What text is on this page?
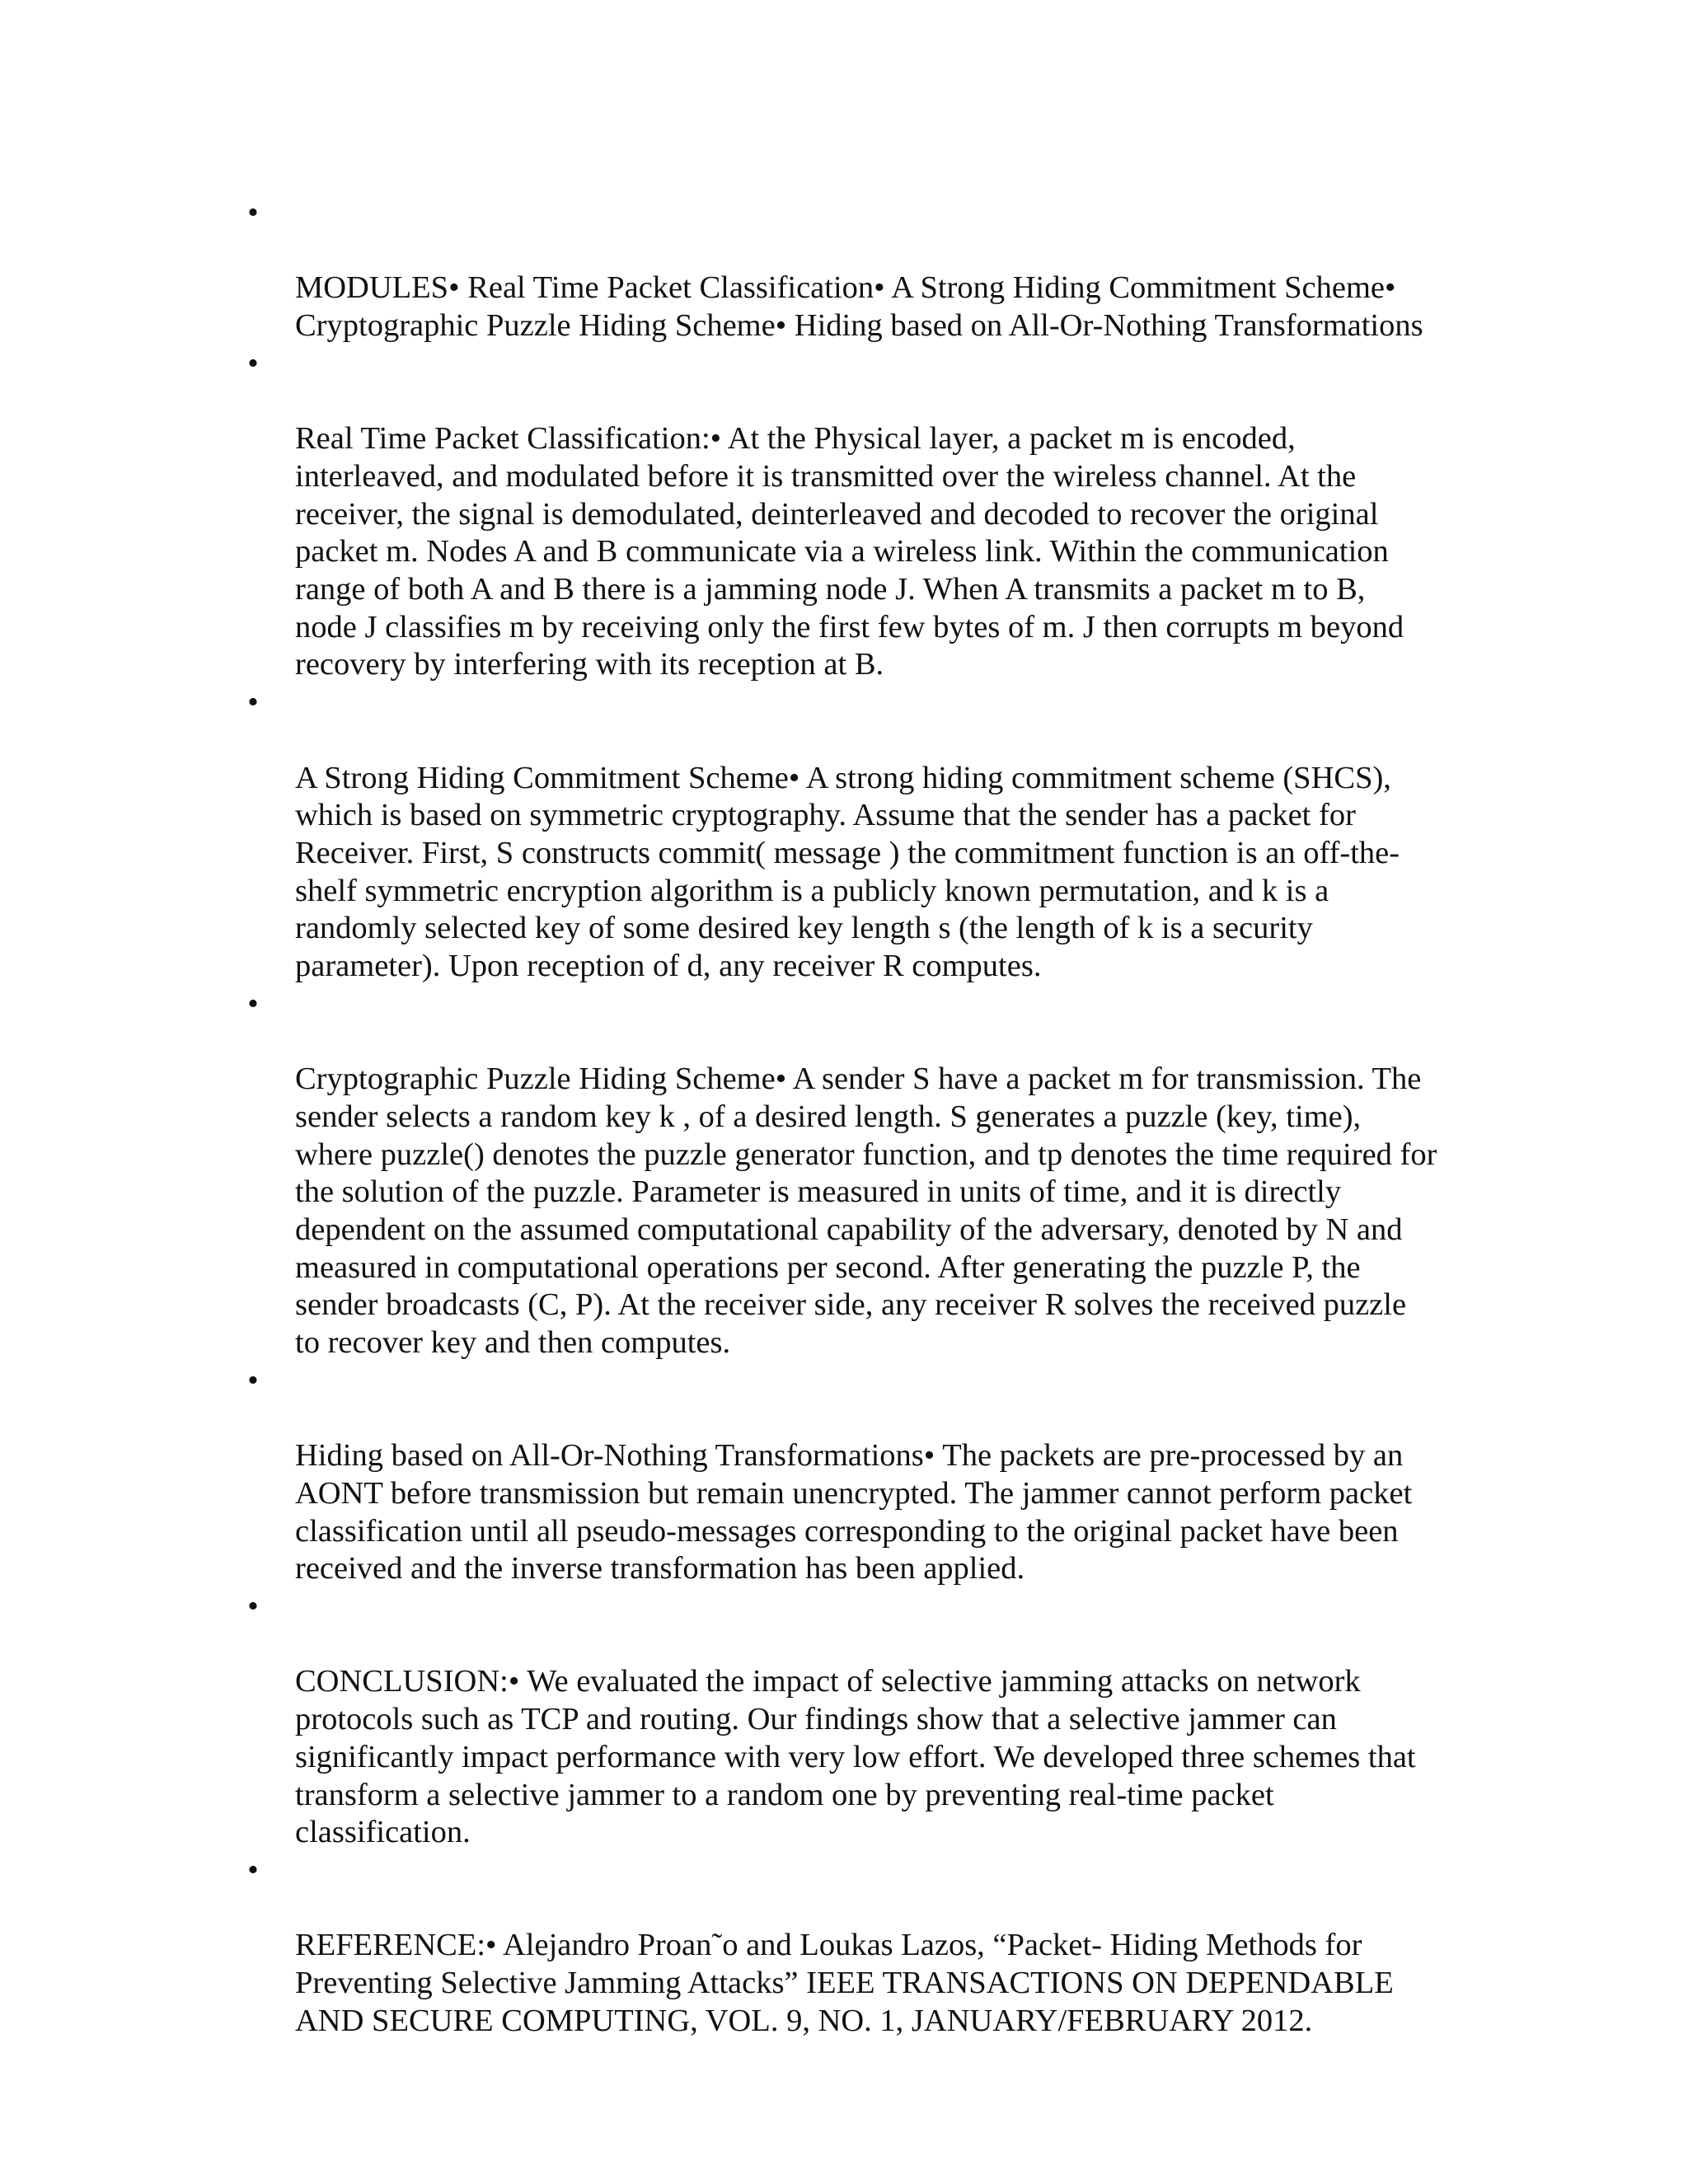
•

MODULES• Real Time Packet Classification• A Strong Hiding Commitment Scheme•
Cryptographic Puzzle Hiding Scheme• Hiding based on All-Or-Nothing Transformations

•

Real Time Packet Classification:• At the Physical layer, a packet m is encoded,
interleaved, and modulated before it is transmitted over the wireless channel. At the
receiver, the signal is demodulated, deinterleaved and decoded to recover the original
packet m. Nodes A and B communicate via a wireless link. Within the communication
range of both A and B there is a jamming node J. When A transmits a packet m to B,
node J classifies m by receiving only the first few bytes of m. J then corrupts m beyond
recovery by interfering with its reception at B.

•

A Strong Hiding Commitment Scheme• A strong hiding commitment scheme (SHCS),
which is based on symmetric cryptography. Assume that the sender has a packet for
Receiver. First, S constructs commit( message ) the commitment function is an off-the-
shelf symmetric encryption algorithm is a publicly known permutation, and k is a
randomly selected key of some desired key length s (the length of k is a security
parameter). Upon reception of d, any receiver R computes.

•

Cryptographic Puzzle Hiding Scheme• A sender S have a packet m for transmission. The
sender selects a random key k , of a desired length. S generates a puzzle (key, time),
where puzzle() denotes the puzzle generator function, and tp denotes the time required for
the solution of the puzzle. Parameter is measured in units of time, and it is directly
dependent on the assumed computational capability of the adversary, denoted by N and
measured in computational operations per second. After generating the puzzle P, the
sender broadcasts (C, P). At the receiver side, any receiver R solves the received puzzle
to recover key and then computes.

•

Hiding based on All-Or-Nothing Transformations• The packets are pre-processed by an
AONT before transmission but remain unencrypted. The jammer cannot perform packet
classification until all pseudo-messages corresponding to the original packet have been
received and the inverse transformation has been applied.

•

CONCLUSION:• We evaluated the impact of selective jamming attacks on network
protocols such as TCP and routing. Our findings show that a selective jammer can
significantly impact performance with very low effort. We developed three schemes that
transform a selective jammer to a random one by preventing real-time packet
classification.

•

REFERENCE:• Alejandro Proan˜o and Loukas Lazos, “Packet- Hiding Methods for
Preventing Selective Jamming Attacks” IEEE TRANSACTIONS ON DEPENDABLE
AND SECURE COMPUTING, VOL. 9, NO. 1, JANUARY/FEBRUARY 2012.
